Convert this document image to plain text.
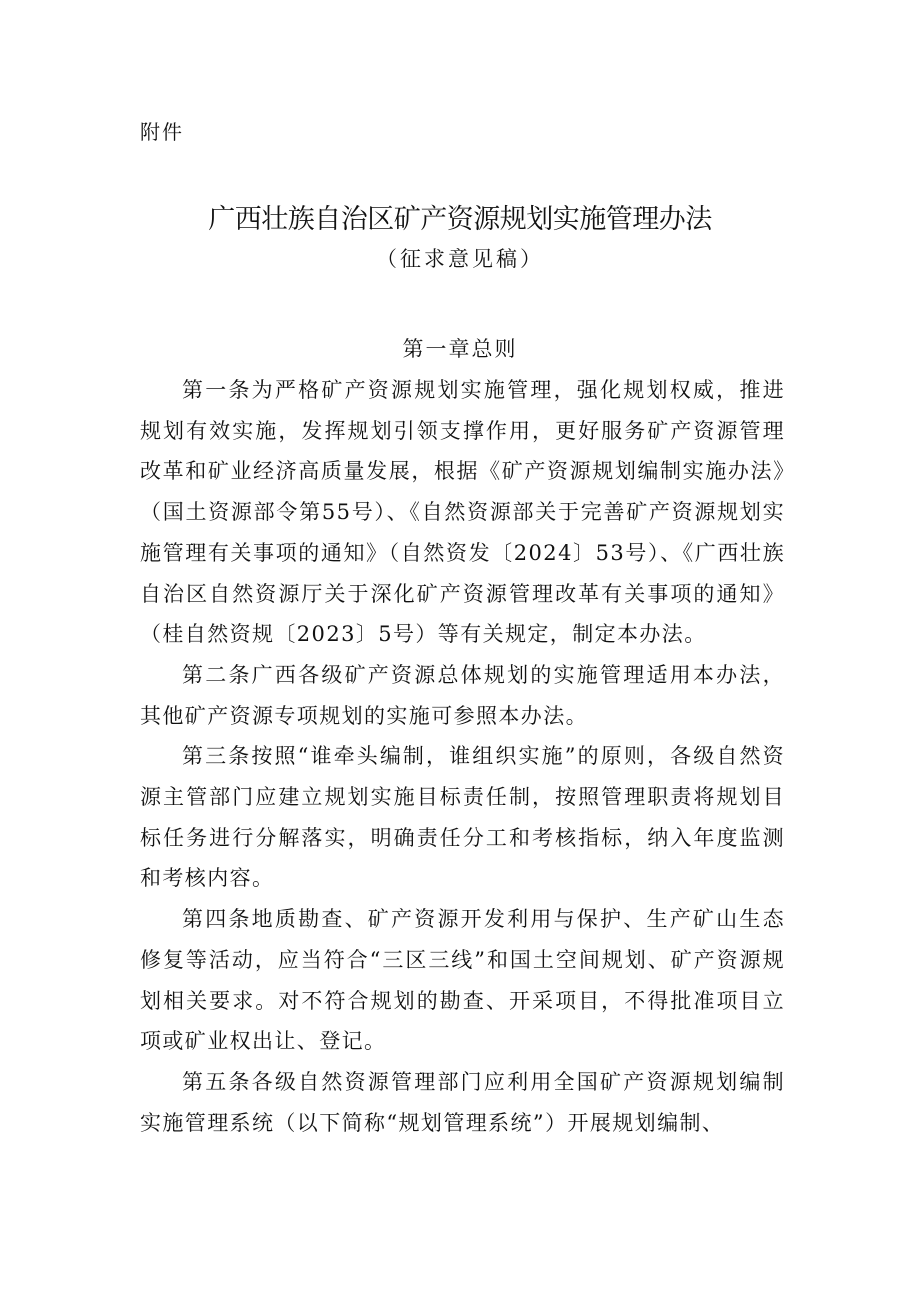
附件
广西壮族自治区矿产资源规划实施管理办法
（征求意见稿）
第一章总则

第一条为严格矿产资源规划实施管理，强化规划权威，推进规划有效实施，发挥规划引领支撑作用，更好服务矿产资源管理改革和矿业经济高质量发展，根据《矿产资源规划编制实施办法》（国土资源部令第55号）、《自然资源部关于完善矿产资源规划实施管理有关事项的通知》（自然资发〔2024〕53号）、《广西壮族自治区自然资源厅关于深化矿产资源管理改革有关事项的通知》（桂自然资规〔2023〕5号）等有关规定，制定本办法。

第二条广西各级矿产资源总体规划的实施管理适用本办法，其他矿产资源专项规划的实施可参照本办法。

第三条按照“谁牵头编制，谁组织实施”的原则，各级自然资源主管部门应建立规划实施目标责任制，按照管理职责将规划目标任务进行分解落实，明确责任分工和考核指标，纳入年度监测和考核内容。

第四条地质勘查、矿产资源开发利用与保护、生产矿山生态修复等活动，应当符合“三区三线”和国土空间规划、矿产资源规划相关要求。对不符合规划的勘查、开采项目，不得批准项目立项或矿业权出让、登记。

第五条各级自然资源管理部门应利用全国矿产资源规划编制实施管理系统（以下简称“规划管理系统”）开展规划编制、
